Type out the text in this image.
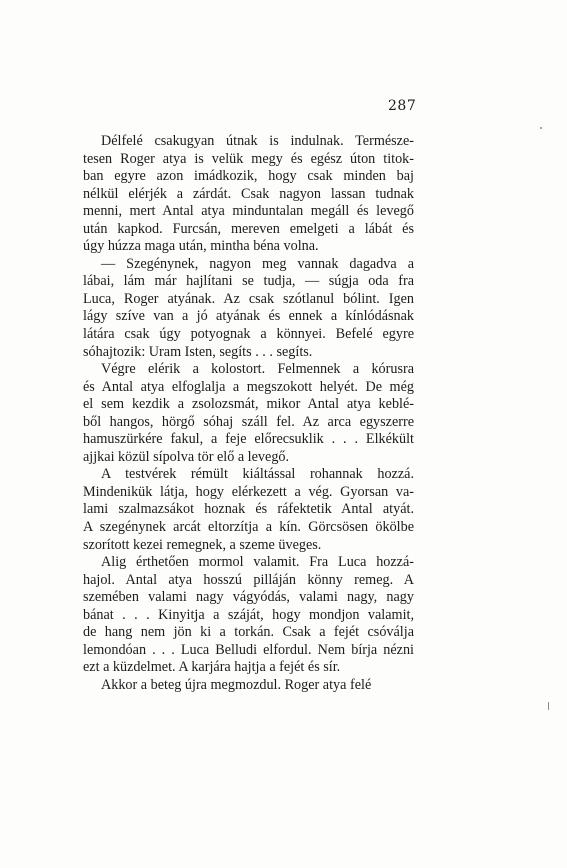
287
Délfelé csakugyan útnak is indulnak. Természe-
tesen Roger atya is velük megy és egész úton titok-
ban egyre azon imádkozik, hogy csak minden baj
nélkül elérjék a zárdát. Csak nagyon lassan tudnak
menni, mert Antal atya minduntalan megáll és levegő
után kapkod. Furcsán, mereven emelgeti a lábát és
úgy húzza maga után, mintha béna volna.
— Szegénynek, nagyon meg vannak dagadva a
lábai, lám már hajlítani se tudja, — súgja oda fra
Luca, Roger atyának. Az csak szótlanul bólint. Igen
lágy szíve van a jó atyának és ennek a kínlódásnak
látára csak úgy potyognak a könnyei. Befelé egyre
sóhajtozik: Uram Isten, segíts . . . segíts.
Végre elérik a kolostort. Felmennek a kórusra
és Antal atya elfoglalja a megszokott helyét. De még
el sem kezdik a zsolozsmát, mikor Antal atya keblé-
ből hangos, hörgő sóhaj száll fel. Az arca egyszerre
hamuszürkére fakul, a feje előrecsuklik . . . Elkékült
ajjkai közül sípolva tör elő a levegő.
A testvérek rémült kiáltással rohannak hozzá.
Mindenikük látja, hogy elérkezett a vég. Gyorsan va-
lami szalmazsákot hoznak és ráfektetik Antal atyát.
A szegénynek arcát eltorzítja a kín. Görcsösen ökölbe
szorított kezei remegnek, a szeme üveges.
Alig érthetően mormol valamit. Fra Luca hozzá-
hajol. Antal atya hosszú pilláján könny remeg. A
szemében valami nagy vágyódás, valami nagy, nagy
bánat . . . Kinyitja a száját, hogy mondjon valamit,
de hang nem jön ki a torkán. Csak a fejét csóválja
lemondóan . . . Luca Belludi elfordul. Nem bírja nézni
ezt a küzdelmet. A karjára hajtja a fejét és sír.
Akkor a beteg újra megmozdul. Roger atya felé
